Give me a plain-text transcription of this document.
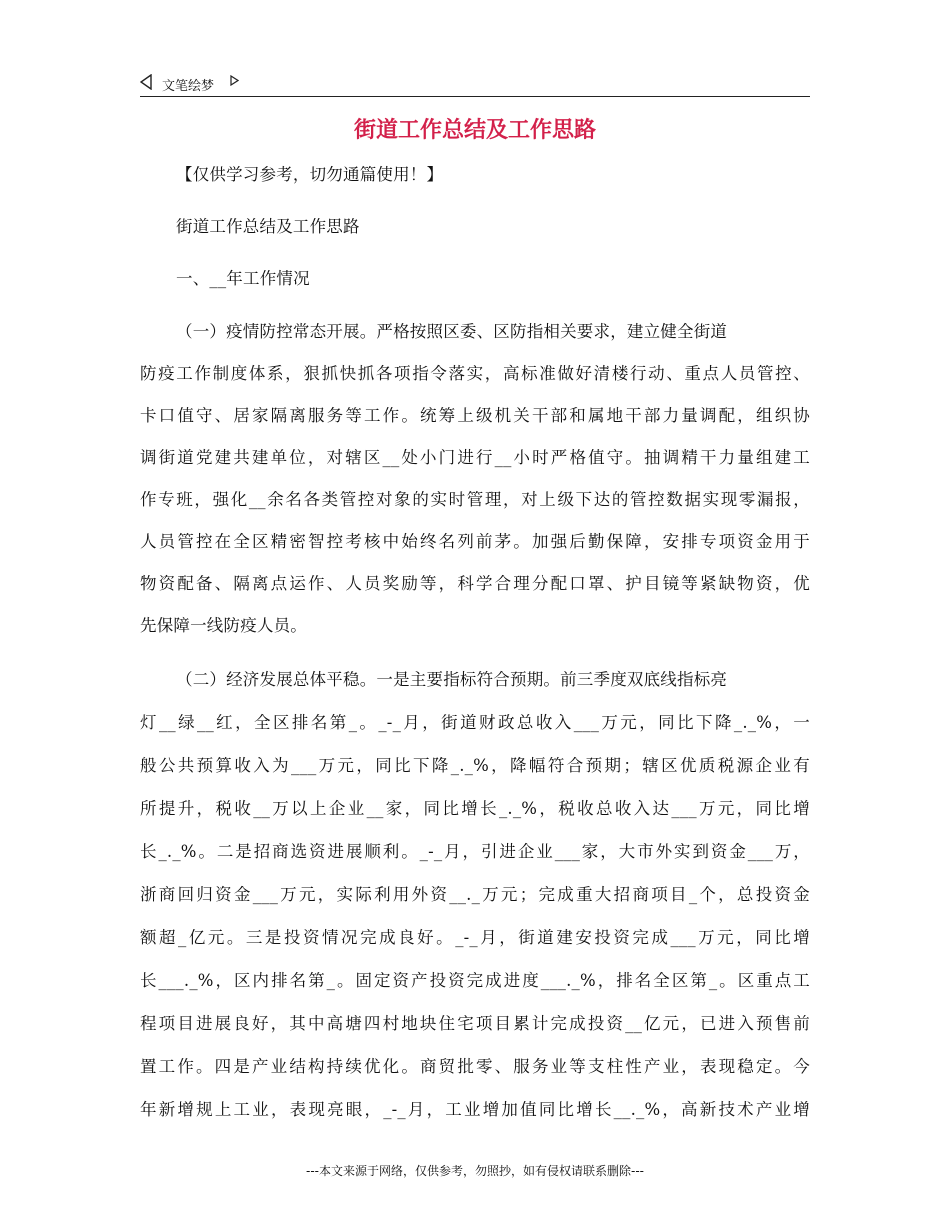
文笔绘梦
街道工作总结及工作思路
【仅供学习参考，切勿通篇使用！】
街道工作总结及工作思路
一、__年工作情况
（一）疫情防控常态开展。严格按照区委、区防指相关要求，建立健全街道
防疫工作制度体系，狠抓快抓各项指令落实，高标准做好清楼行动、重点人员管控、
卡口值守、居家隔离服务等工作。统筹上级机关干部和属地干部力量调配，组织协
调街道党建共建单位，对辖区__处小门进行__小时严格值守。抽调精干力量组建工
作专班，强化__余名各类管控对象的实时管理，对上级下达的管控数据实现零漏报，
人员管控在全区精密智控考核中始终名列前茅。加强后勤保障，安排专项资金用于
物资配备、隔离点运作、人员奖励等，科学合理分配口罩、护目镜等紧缺物资，优
先保障一线防疫人员。
（二）经济发展总体平稳。一是主要指标符合预期。前三季度双底线指标亮
灯__绿__红，全区排名第_。_-_月，街道财政总收入___万元，同比下降_._%，一
般公共预算收入为___万元，同比下降_._%，降幅符合预期；辖区优质税源企业有
所提升，税收__万以上企业__家，同比增长_._%，税收总收入达___万元，同比增
长_._%。二是招商选资进展顺利。_-_月，引进企业___家，大市外实到资金___万，
浙商回归资金___万元，实际利用外资__._万元；完成重大招商项目_个，总投资金
额超_亿元。三是投资情况完成良好。_-_月，街道建安投资完成___万元，同比增
长___._%，区内排名第_。固定资产投资完成进度___._%，排名全区第_。区重点工
程项目进展良好，其中高塘四村地块住宅项目累计完成投资__亿元，已进入预售前
置工作。四是产业结构持续优化。商贸批零、服务业等支柱性产业，表现稳定。今
年新增规上工业，表现亮眼，_-_月，工业增加值同比增长__._%，高新技术产业增
---本文来源于网络，仅供参考，勿照抄，如有侵权请联系删除---
